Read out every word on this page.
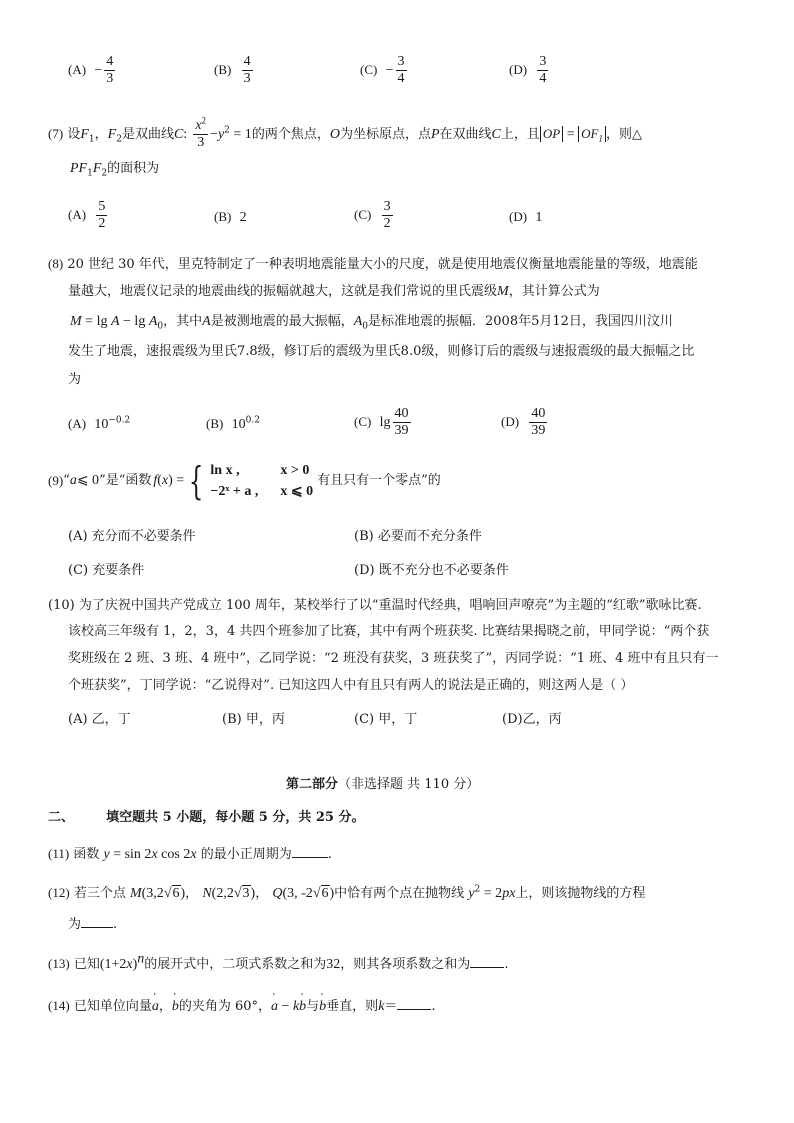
$(A) - \frac{4}{3}$	$(B) \frac{4}{3}$	$(C) - \frac{3}{4}$	$(D) \frac{3}{4}$
(7) 设$F_1$，$F_2$是双曲线C: $\frac{x^2}{3} -y^2 = 1$的两个焦点，O为坐标原点，点P在双曲线C上，且 OP = $OF_1$ ，则△
$PF_1F_2$的面积为
$(A) \frac{5}{2}$	(B) 2	$(C) \frac{3}{2}$	(D) 1
(8) 20 世纪 30 年代，里克特制定了一种表明地震能量大小的尺度，就是使用地震仪衡量地震能量的等级，地震能
量越大，地震仪记录的地震曲线的振幅就越大，这就是我们常说的里氏震级M，其计算公式为
$M = \lg A - \lg A_0$，其中A是被测地震的最大振幅，$A_0$是标准地震的振幅．2008年5月12日，我国四川汶川
发生了地震，速报震级为里氏7.8级，修订后的震级为里氏8.0级，则修订后的震级与速报震级的最大振幅之比
为
(A) $10^{-0.2}$	(B) $10^{0.2}$	(C) $\lg \frac{40}{39}$	$(D) \frac{40}{39}$
(9) “ a ⩽ 0 ”是“函数 f ( x ) = { ln x ,	x > 0
−2ˣ + a ,	x ⩽ 0
有且只有一个零点”的
(A) 充分而不必要条件	(B) 必要而不充分条件
(C) 充要条件	(D) 既不充分也不必要条件
(10) 为了庆祝中国共产党成立 100 周年，某校举行了以“重温时代经典，唱响回声嘹亮”为主题的“红歌”歌咏比赛.
该校高三年级有 1，2，3，4 共四个班参加了比赛，其中有两个班获奖. 比赛结果揭晓之前，甲同学说：“两个获
奖班级在 2 班、3 班、4 班中”，乙同学说：“2 班没有获奖，3 班获奖了”，丙同学说：“1 班、4 班中有且只有一
个班获奖”，丁同学说：“乙说得对”. 已知这四人中有且只有两人的说法是正确的，则这两人是（ ）
(A) 乙，丁	(B) 甲，丙	(C) 甲，丁	(D)乙，丙
第二部分（非选择题 共 110 分）
二、 填空题共 5 小题，每小题 5 分，共 25 分。
(11) 函数 y = sin 2x cos 2x 的最小正周期为	.
(12) 若三个点 M(3,2√6)， N(2,2√3)， Q(3, -2√6)中恰有两个点在抛物线 $y^2 = 2px$上，则该抛物线的方程
为 .
(13) 已知$(1+2x)^n$的展开式中，二项式系数之和为32，则其各项系数之和为	.
(14) 已知单位向量' a，' b的夹角为 60°，' a − k' b与' b垂直，则k＝	.
